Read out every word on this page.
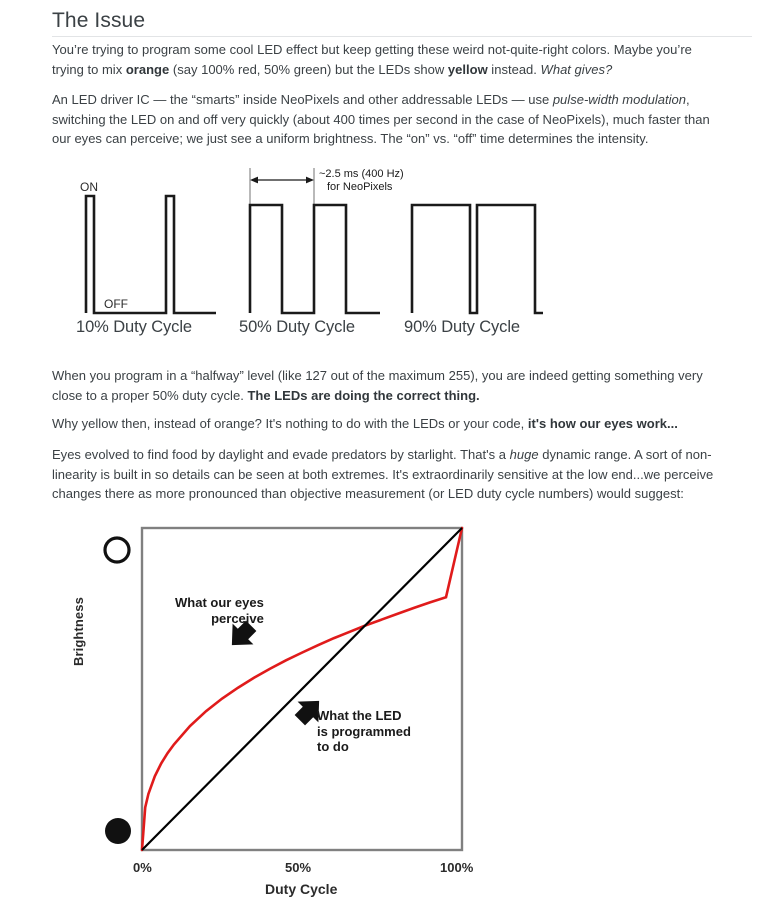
The Issue
You’re trying to program some cool LED effect but keep getting these weird not-quite-right colors. Maybe you’re trying to mix orange (say 100% red, 50% green) but the LEDs show yellow instead. What gives?
An LED driver IC — the “smarts” inside NeoPixels and other addressable LEDs — use pulse-width modulation, switching the LED on and off very quickly (about 400 times per second in the case of NeoPixels), much faster than our eyes can perceive; we just see a uniform brightness. The “on” vs. “off” time determines the intensity.
ON
OFF
~2.5 ms (400 Hz)
for NeoPixels
10% Duty Cycle	50% Duty Cycle	90% Duty Cycle
When you program in a “halfway” level (like 127 out of the maximum 255), you are indeed getting something very close to a proper 50% duty cycle. The LEDs are doing the correct thing.
Why yellow then, instead of orange? It's nothing to do with the LEDs or your code, it's how our eyes work...
Eyes evolved to find food by daylight and evade predators by starlight. That's a huge dynamic range. A sort of non-linearity is built in so details can be seen at both extremes. It's extraordinarily sensitive at the low end...we perceive changes there as more pronounced than objective measurement (or LED duty cycle numbers) would suggest:
Brightness
0%	50%	100%
Duty Cycle
What our eyes
perceive
What the LED
is programmed
to do
